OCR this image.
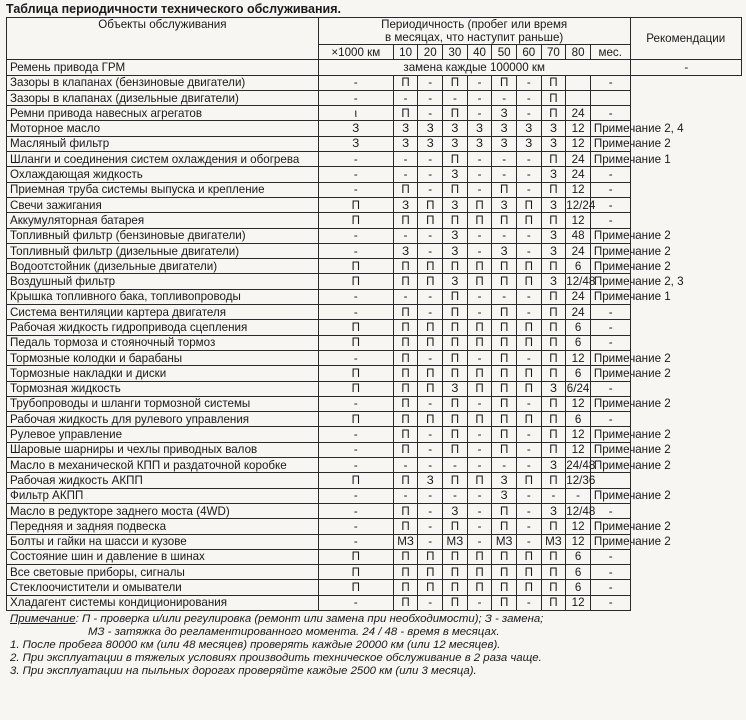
Таблица периодичности технического обслуживания.
Объекты обслуживания	Периодичность (пробег или время
в месяцах, что наступит раньше)										Рекомендации
	×1000 км	10	20	30	40	50	60	70	80	мес.	
Ремень привода ГРМ	замена каждые 100000 км										-
Зазоры в клапанах (бензиновые двигатели)	-	П	-	П	-	П	-	П		-	
Зазоры в клапанах (дизельные двигатели)	-	-	-	-	-	-	-	П			
Ремни привода навесных агрегатов	ι	П	-	П	-	З	-	П	24	-	
Моторное масло	З	З	З	З	З	З	З	З	12	Примечание 2, 4	
Масляный фильтр	З	З	З	З	З	З	З	З	12	Примечание 2	
Шланги и соединения систем охлаждения и обогрева	-	-	-	П	-	-	-	П	24	Примечание 1	
Охлаждающая жидкость	-	-	-	З	-	-	-	З	24	-	
Приемная труба системы выпуска и крепление	-	П	-	П	-	П	-	П	12	-	
Свечи зажигания	П	З	П	З	П	З	П	З	12/24	-	
Аккумуляторная батарея	П	П	П	П	П	П	П	П	12	-	
Топливный фильтр (бензиновые двигатели)	-	-	-	З	-	-	-	З	48	Примечание 2	
Топливный фильтр (дизельные двигатели)	-	З	-	З	-	З	-	З	24	Примечание 2	
Водоотстойник (дизельные двигатели)	П	П	П	П	П	П	П	П	6	Примечание 2	
Воздушный фильтр	П	П	П	З	П	П	П	З	12/48	Примечание 2, 3	
Крышка топливного бака, топливопроводы	-	-	-	П	-	-	-	П	24	Примечание 1	
Система вентиляции картера двигателя	-	П	-	П	-	П	-	П	24	-	
Рабочая жидкость гидропривода сцепления	П	П	П	П	П	П	П	П	6	-	
Педаль тормоза и стояночный тормоз	П	П	П	П	П	П	П	П	6	-	
Тормозные колодки и барабаны	-	П	-	П	-	П	-	П	12	Примечание 2	
Тормозные накладки и диски	П	П	П	П	П	П	П	П	6	Примечание 2	
Тормозная жидкость	П	П	П	З	П	П	П	З	6/24	-	
Трубопроводы и шланги тормозной системы	-	П	-	П	-	П	-	П	12	Примечание 2	
Рабочая жидкость для рулевого управления	П	П	П	П	П	П	П	П	6	-	
Рулевое управление	-	П	-	П	-	П	-	П	12	Примечание 2	
Шаровые шарниры и чехлы приводных валов	-	П	-	П	-	П	-	П	12	Примечание 2	
Масло в механической КПП и раздаточной коробке	-	-	-	-	-	-	-	З	24/48	Примечание 2	
Рабочая жидкость АКПП	П	П	З	П	П	З	П	П	12/36		
Фильтр АКПП	-	-	-	-	-	З	-	-	-	Примечание 2	
Масло в редукторе заднего моста (4WD)	-	П	-	З	-	П	-	З	12/48	-	
Передняя и задняя подвеска	-	П	-	П	-	П	-	П	12	Примечание 2	
Болты и гайки на шасси и кузове	-	МЗ	-	МЗ	-	МЗ	-	МЗ	12	Примечание 2	
Состояние шин и давление в шинах	П	П	П	П	П	П	П	П	6	-	
Все световые приборы, сигналы	П	П	П	П	П	П	П	П	6	-	
Стеклоочистители и омыватели	П	П	П	П	П	П	П	П	6	-	
Хладагент системы кондиционирования	-	П	-	П	-	П	-	П	12	-	
Примечание: П - проверка и/или регулировка (ремонт или замена при необходимости); З - замена;
МЗ - затяжка до регламентированного момента. 24 / 48 - время в месяцах.
1. После пробега 80000 км (или 48 месяцев) проверять каждые 20000 км (или 12 месяцев).
2. При эксплуатации в тяжелых условиях производить техническое обслуживание в 2 раза чаще.
3. При эксплуатации на пыльных дорогах проверяйте каждые 2500 км (или 3 месяца).
